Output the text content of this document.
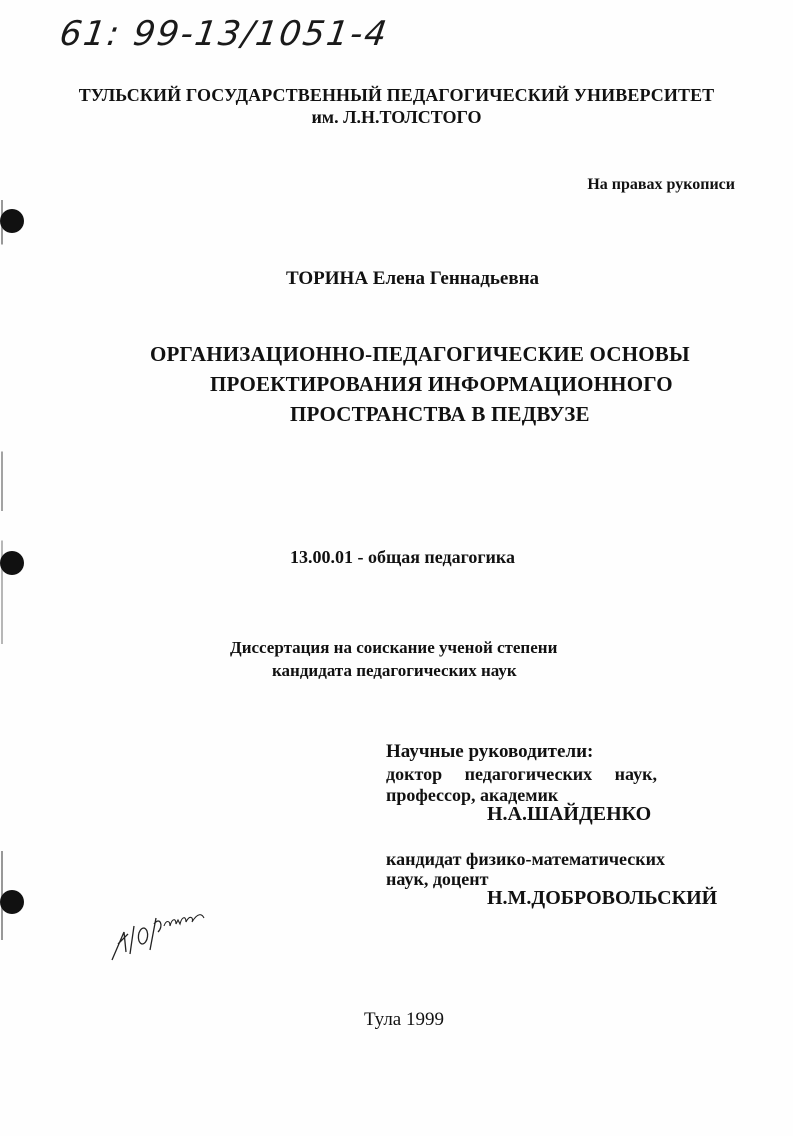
61: 99-13/1051-4
ТУЛЬСКИЙ ГОСУДАРСТВЕННЫЙ ПЕДАГОГИЧЕСКИЙ УНИВЕРСИТЕТ
им. Л.Н.ТОЛСТОГО
На правах рукописи
ТОРИНА Елена Геннадьевна
ОРГАНИЗАЦИОННО-ПЕДАГОГИЧЕСКИЕ ОСНОВЫ
ПРОЕКТИРОВАНИЯ ИНФОРМАЦИОННОГО
ПРОСТРАНСТВА В ПЕДВУЗЕ
13.00.01 - общая педагогика
Диссертация на соискание ученой степени
кандидата педагогических наук
Научные руководители:
доктор педагогических наук,
профессор, академик
Н.А.ШАЙДЕНКО
кандидат физико-математических
наук, доцент
Н.М.ДОБРОВОЛЬСКИЙ
Тула 1999
